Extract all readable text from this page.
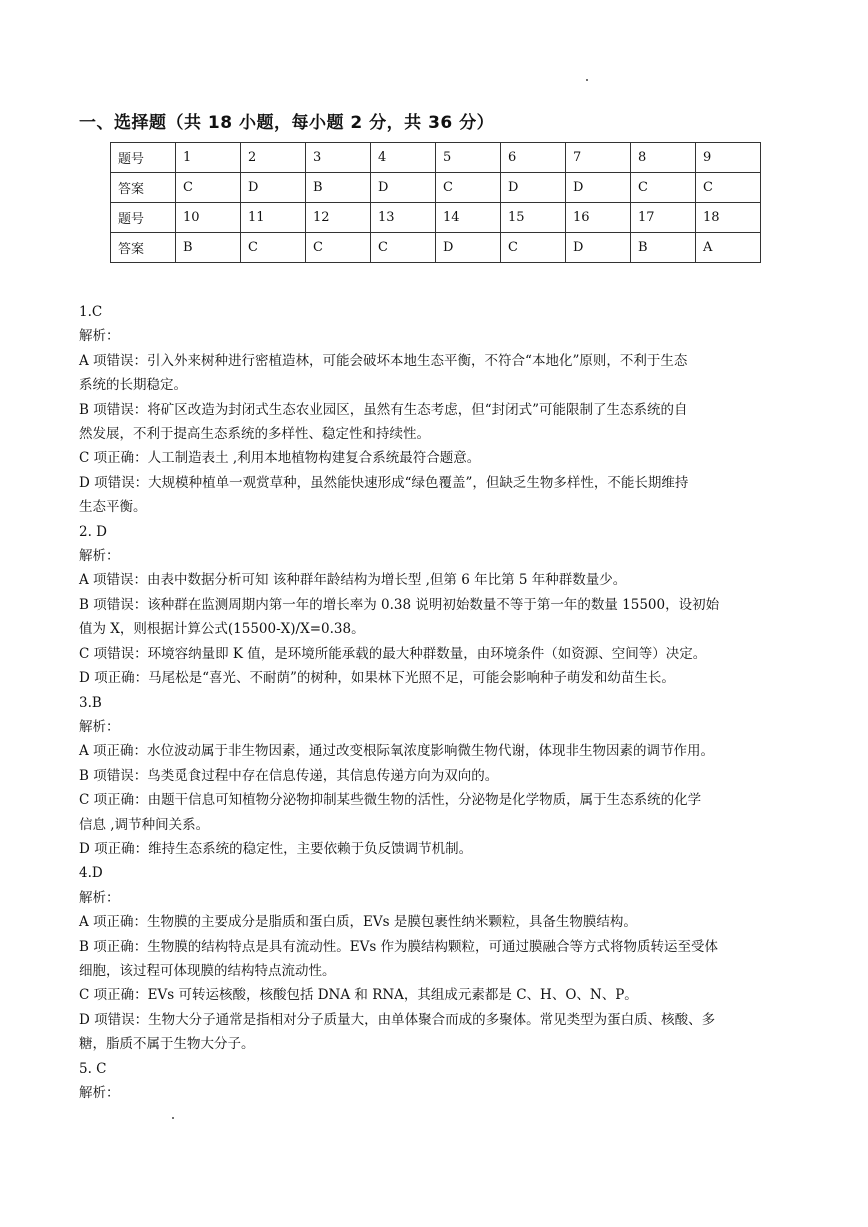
一、选择题（共 18 小题，每小题 2 分，共 36 分）
题号	1	2	3	4	5	6	7	8	9
答案	C	D	B	D	C	D	D	C	C
题号	10	11	12	13	14	15	16	17	18
答案	B	C	C	C	D	C	D	B	A
1.C
解析：
A 项错误：引入外来树种进行密植造林，可能会破坏本地生态平衡，不符合“本地化”原则，不利于生态
系统的长期稳定。
B 项错误：将矿区改造为封闭式生态农业园区，虽然有生态考虑，但“封闭式”可能限制了生态系统的自
然发展，不利于提高生态系统的多样性、稳定性和持续性。
C 项正确：人工制造表土 ,利用本地植物构建复合系统最符合题意。
D 项错误：大规模种植单一观赏草种，虽然能快速形成“绿色覆盖”，但缺乏生物多样性，不能长期维持
生态平衡。
2. D
解析：
A 项错误：由表中数据分析可知 该种群年龄结构为增长型 ,但第 6 年比第 5 年种群数量少。
B 项错误：该种群在监测周期内第一年的增长率为 0.38 说明初始数量不等于第一年的数量 15500，设初始
值为 X，则根据计算公式(15500-X)/X=0.38。
C 项错误：环境容纳量即 K 值，是环境所能承载的最大种群数量，由环境条件（如资源、空间等）决定。
D 项正确：马尾松是“喜光、不耐荫”的树种，如果林下光照不足，可能会影响种子萌发和幼苗生长。
3.B
解析：
A 项正确：水位波动属于非生物因素，通过改变根际氧浓度影响微生物代谢，体现非生物因素的调节作用。
B 项错误：鸟类觅食过程中存在信息传递，其信息传递方向为双向的。
C 项正确：由题干信息可知植物分泌物抑制某些微生物的活性，分泌物是化学物质，属于生态系统的化学
信息 ,调节种间关系。
D 项正确：维持生态系统的稳定性，主要依赖于负反馈调节机制。
4.D
解析：
A 项正确：生物膜的主要成分是脂质和蛋白质，EVs 是膜包裹性纳米颗粒，具备生物膜结构。
B 项正确：生物膜的结构特点是具有流动性。EVs 作为膜结构颗粒，可通过膜融合等方式将物质转运至受体
细胞，该过程可体现膜的结构特点流动性。
C 项正确：EVs 可转运核酸，核酸包括 DNA 和 RNA，其组成元素都是 C、H、O、N、P。
D 项错误：生物大分子通常是指相对分子质量大，由单体聚合而成的多聚体。常见类型为蛋白质、核酸、多
糖，脂质不属于生物大分子。
5. C
解析：
